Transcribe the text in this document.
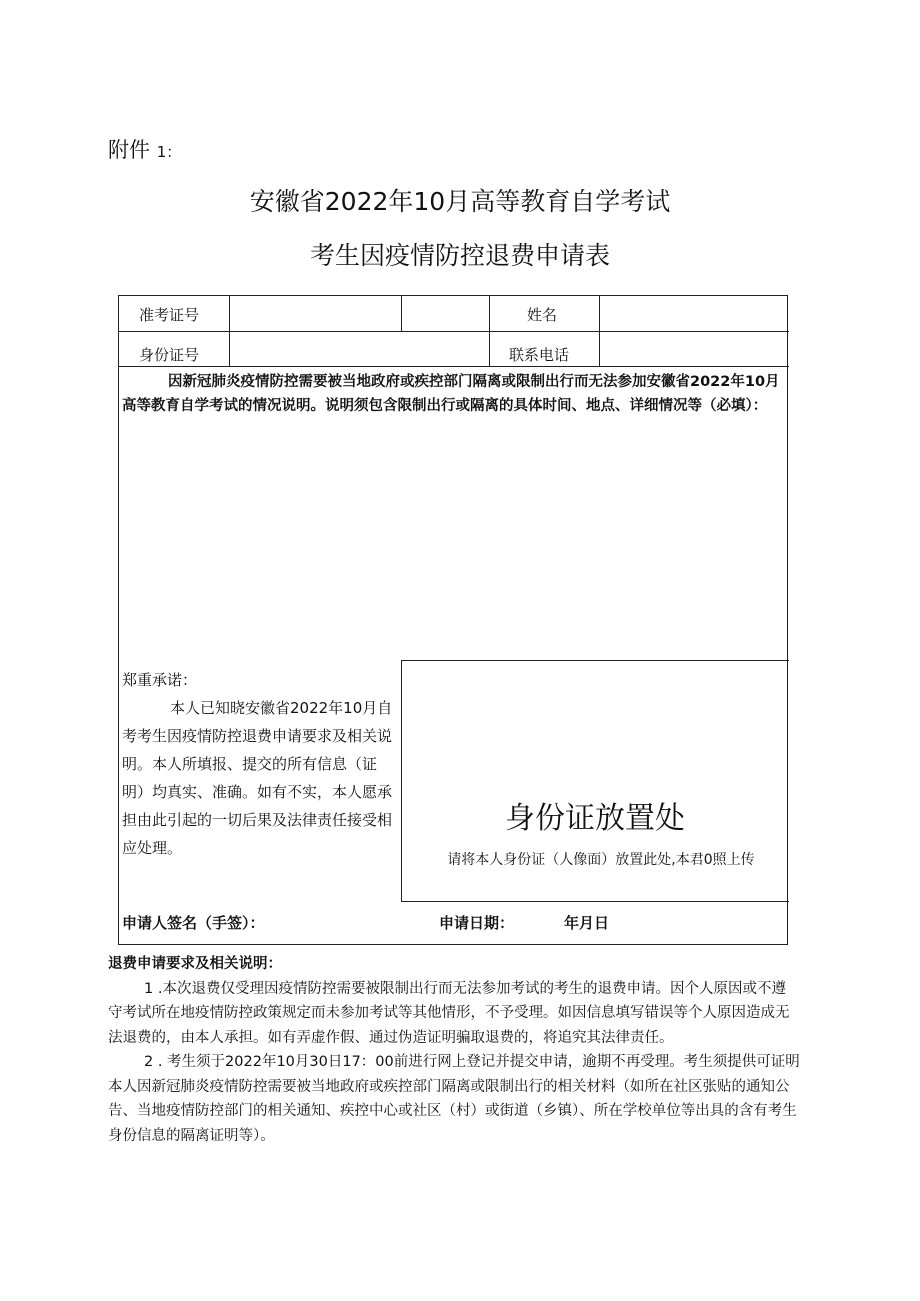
附件 1：
安徽省2022年10月高等教育自学考试
考生因疫情防控退费申请表
准考证号	姓名
身份证号	联系电话
因新冠肺炎疫情防控需要被当地政府或疾控部门隔离或限制出行而无法参加安徽省2022年10月高等教育自学考试的情况说明。说明须包含限制出行或隔离的具体时间、地点、详细情况等（必填）：
郑重承诺：
本人已知晓安徽省2022年10月自考考生因疫情防控退费申请要求及相关说明。本人所填报、提交的所有信息（证明）均真实、准确。如有不实，本人愿承担由此引起的一切后果及法律责任接受相应处理。
身份证放置处
请将本人身份证（人像面）放置此处,本君0照上传
申请人签名（手签）：	申请日期：	年月日
退费申请要求及相关说明：
1 .本次退费仅受理因疫情防控需要被限制出行而无法参加考试的考生的退费申请。因个人原因或不遵守考试所在地疫情防控政策规定而未参加考试等其他情形，不予受理。如因信息填写错误等个人原因造成无法退费的，由本人承担。如有弄虚作假、通过伪造证明骗取退费的，将追究其法律责任。
2 . 考生须于2022年10月30日17：00前进行网上登记并提交申请，逾期不再受理。考生须提供可证明本人因新冠肺炎疫情防控需要被当地政府或疾控部门隔离或限制出行的相关材料（如所在社区张贴的通知公告、当地疫情防控部门的相关通知、疾控中心或社区（村）或街道（乡镇）、所在学校单位等出具的含有考生身份信息的隔离证明等）。
